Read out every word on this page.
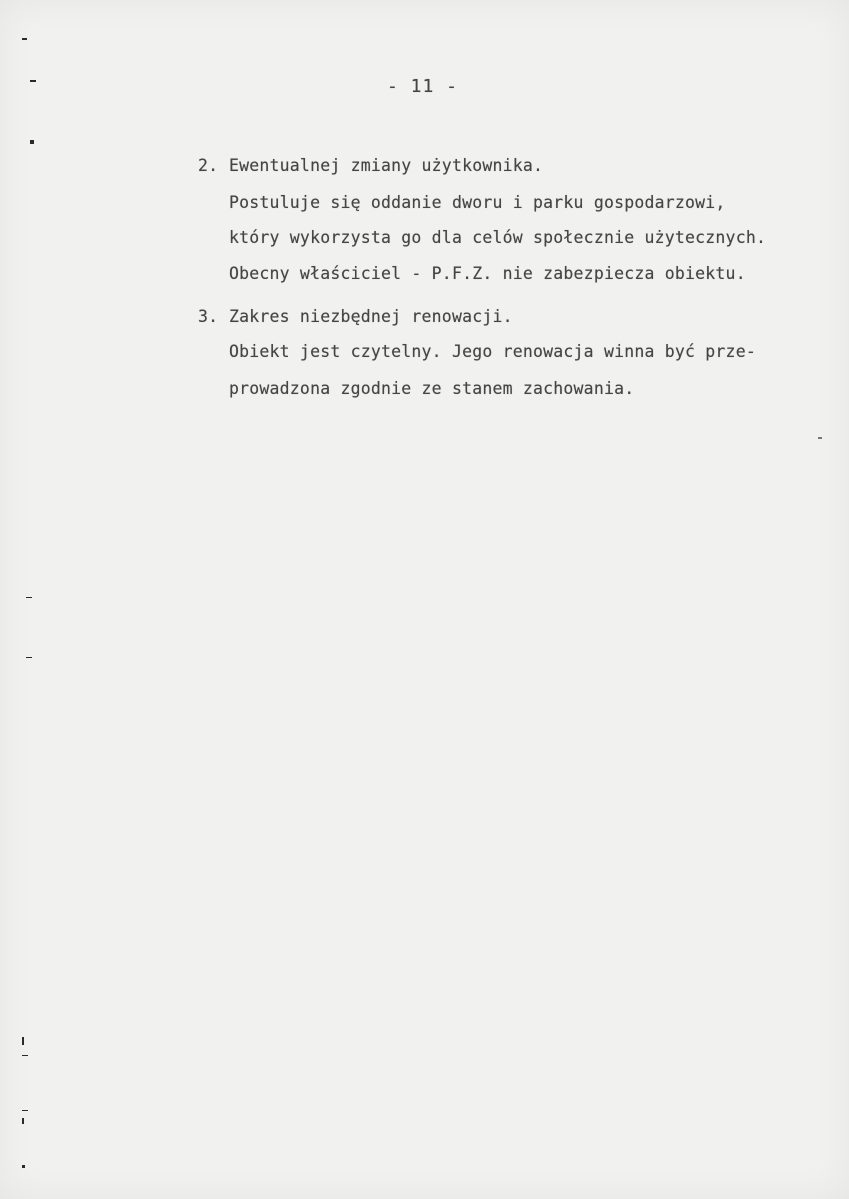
- 11 -
2. Ewentualnej zmiany użytkownika.
Postuluje się oddanie dworu i parku gospodarzowi,
który wykorzysta go dla celów społecznie użytecznych.
Obecny właściciel - P.F.Z. nie zabezpiecza obiektu.
3. Zakres niezbędnej renowacji.
Obiekt jest czytelny. Jego renowacja winna być prze-
prowadzona zgodnie ze stanem zachowania.
